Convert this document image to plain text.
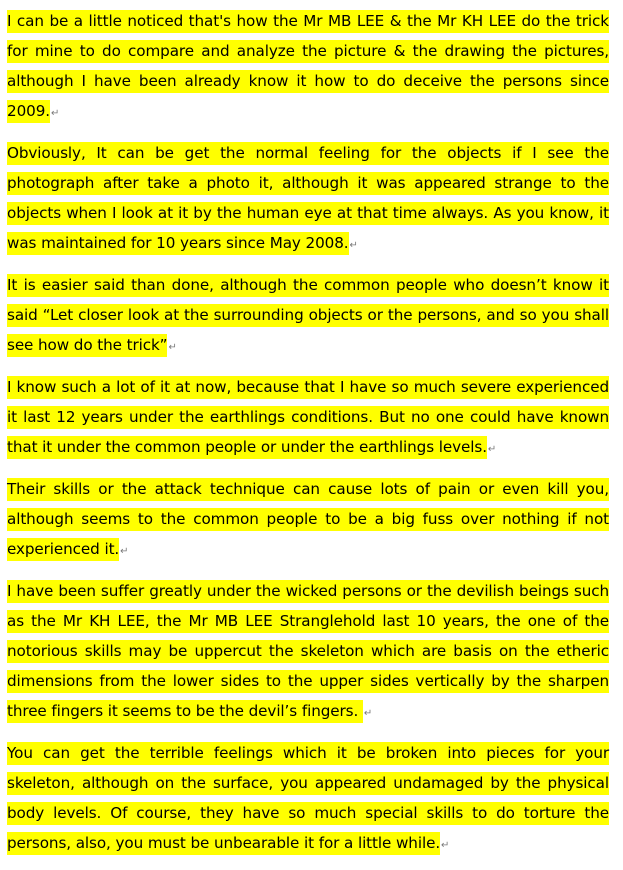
I can be a little noticed that's how the Mr MB LEE & the Mr KH LEE do the trick for mine to do compare and analyze the picture & the drawing the pictures, although I have been already know it how to do deceive the persons since 2009.↵

Obviously, It can be get the normal feeling for the objects if I see the photograph after take a photo it, although it was appeared strange to the objects when I look at it by the human eye at that time always. As you know, it was maintained for 10 years since May 2008.↵

It is easier said than done, although the common people who doesn’t know it said “Let closer look at the surrounding objects or the persons, and so you shall see how do the trick”↵

I know such a lot of it at now, because that I have so much severe experienced it last 12 years under the earthlings conditions. But no one could have known that it under the common people or under the earthlings levels.↵

Their skills or the attack technique can cause lots of pain or even kill you, although seems to the common people to be a big fuss over nothing if not experienced it.↵

I have been suffer greatly under the wicked persons or the devilish beings such as the Mr KH LEE, the Mr MB LEE Stranglehold last 10 years, the one of the notorious skills may be uppercut the skeleton which are basis on the etheric dimensions from the lower sides to the upper sides vertically by the sharpen three fingers it seems to be the devil’s fingers. ↵

You can get the terrible feelings which it be broken into pieces for your skeleton, although on the surface, you appeared undamaged by the physical body levels. Of course, they have so much special skills to do torture the persons, also, you must be unbearable it for a little while.↵
